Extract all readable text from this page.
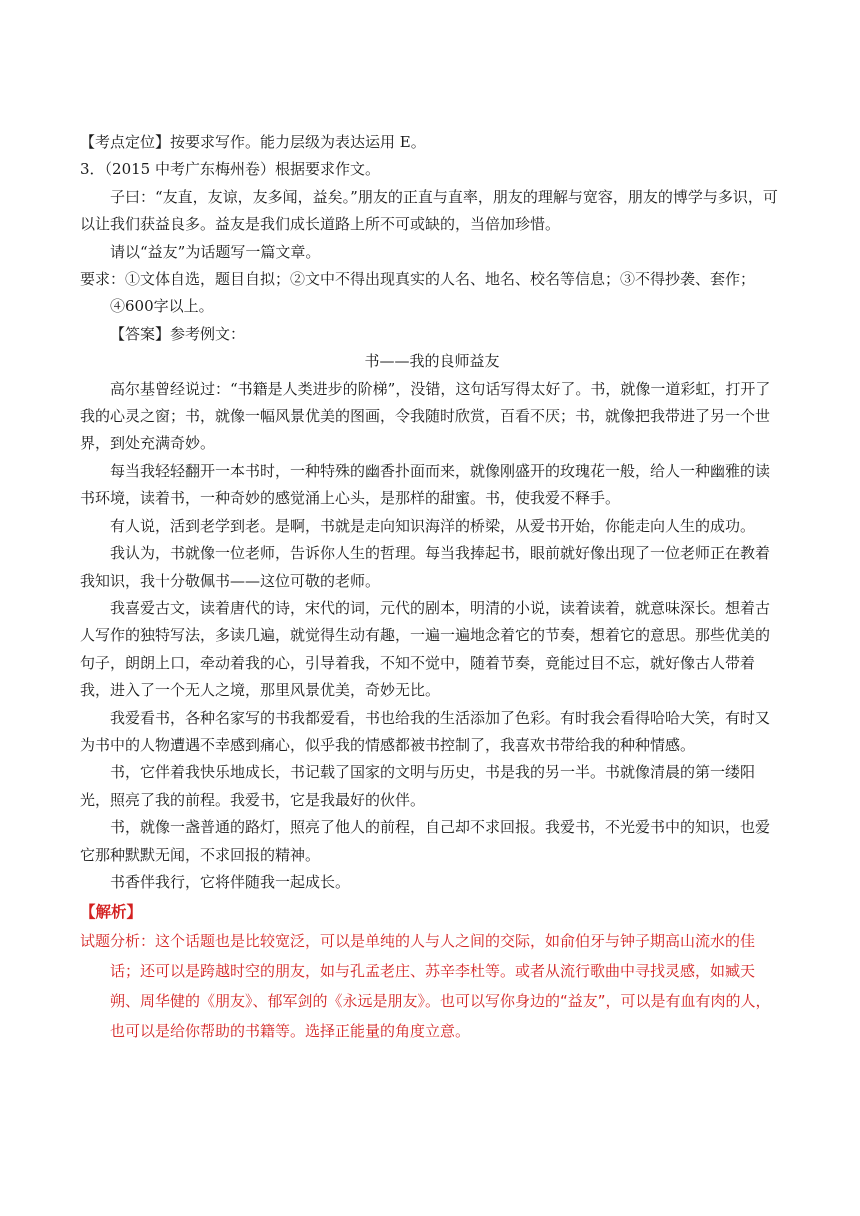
【考点定位】按要求写作。能力层级为表达运用 E。

3．（2015 中考广东梅州卷）根据要求作文。

子曰：“友直，友谅，友多闻，益矣。”朋友的正直与直率，朋友的理解与宽容，朋友的博学与多识，可以让我们获益良多。益友是我们成长道路上所不可或缺的，当倍加珍惜。

请以“益友”为话题写一篇文章。

要求：①文体自选，题目自拟；②文中不得出现真实的人名、地名、校名等信息；③不得抄袭、套作；④600字以上。

【答案】参考例文：

书——我的良师益友

高尔基曾经说过：“书籍是人类进步的阶梯”，没错，这句话写得太好了。书，就像一道彩虹，打开了我的心灵之窗；书，就像一幅风景优美的图画，令我随时欣赏，百看不厌；书，就像把我带进了另一个世界，到处充满奇妙。

每当我轻轻翻开一本书时，一种特殊的幽香扑面而来，就像刚盛开的玫瑰花一般，给人一种幽雅的读书环境，读着书，一种奇妙的感觉涌上心头，是那样的甜蜜。书，使我爱不释手。

有人说，活到老学到老。是啊，书就是走向知识海洋的桥梁，从爱书开始，你能走向人生的成功。

我认为，书就像一位老师，告诉你人生的哲理。每当我捧起书，眼前就好像出现了一位老师正在教着我知识，我十分敬佩书——这位可敬的老师。

我喜爱古文，读着唐代的诗，宋代的词，元代的剧本，明清的小说，读着读着，就意味深长。想着古人写作的独特写法，多读几遍，就觉得生动有趣，一遍一遍地念着它的节奏，想着它的意思。那些优美的句子，朗朗上口，牵动着我的心，引导着我，不知不觉中，随着节奏，竟能过目不忘，就好像古人带着我，进入了一个无人之境，那里风景优美，奇妙无比。

我爱看书，各种名家写的书我都爱看，书也给我的生活添加了色彩。有时我会看得哈哈大笑，有时又为书中的人物遭遇不幸感到痛心，似乎我的情感都被书控制了，我喜欢书带给我的种种情感。

书，它伴着我快乐地成长，书记载了国家的文明与历史，书是我的另一半。书就像清晨的第一缕阳光，照亮了我的前程。我爱书，它是我最好的伙伴。

书，就像一盏普通的路灯，照亮了他人的前程，自己却不求回报。我爱书，不光爱书中的知识，也爱它那种默默无闻，不求回报的精神。

书香伴我行，它将伴随我一起成长。

【解析】

试题分析：这个话题也是比较宽泛，可以是单纯的人与人之间的交际，如俞伯牙与钟子期高山流水的佳话；还可以是跨越时空的朋友，如与孔孟老庄、苏辛李杜等。或者从流行歌曲中寻找灵感，如臧天朔、周华健的《朋友》、郁军剑的《永远是朋友》。也可以写你身边的“益友”，可以是有血有肉的人，也可以是给你帮助的书籍等。选择正能量的角度立意。
